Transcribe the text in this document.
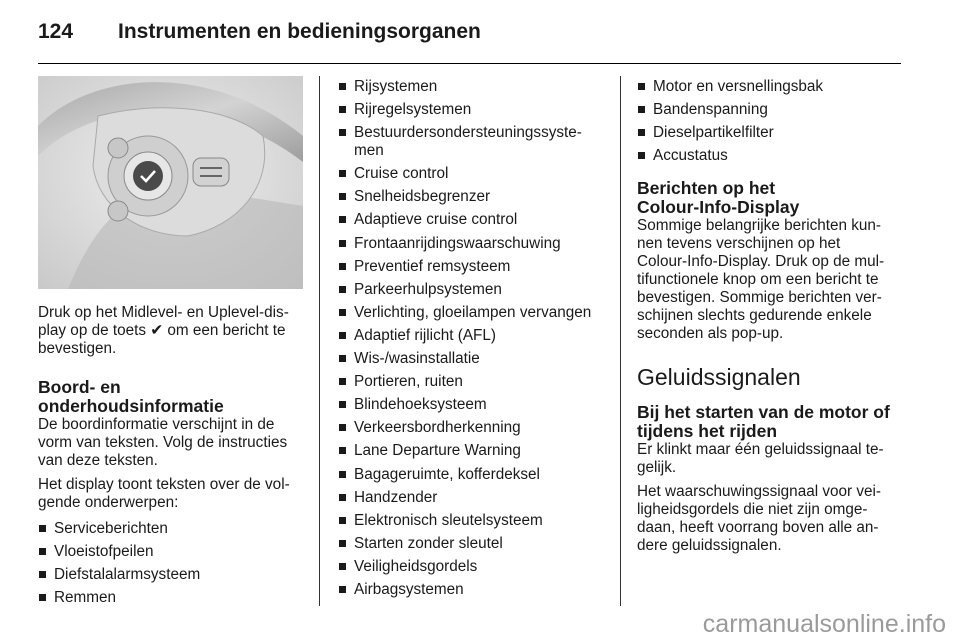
124 Instrumenten en bedieningsorganen

Druk op het Midlevel- en Uplevel-dis-
play op de toets ✔ om een bericht te
bevestigen.

Boord- en
onderhoudsinformatie

De boordinformatie verschijnt in de
vorm van teksten. Volg de instructies
van deze teksten.

Het display toont teksten over de vol-
gende onderwerpen:

Serviceberichten
Vloeistofpeilen
Diefstalalarmsysteem
Remmen
Rijsystemen
Rijregelsystemen
Bestuurdersondersteuningssyste-
men
Cruise control
Snelheidsbegrenzer
Adaptieve cruise control
Frontaanrijdingswaarschuwing
Preventief remsysteem
Parkeerhulpsystemen
Verlichting, gloeilampen vervangen
Adaptief rijlicht (AFL)
Wis-/wasinstallatie
Portieren, ruiten
Blindehoeksysteem
Verkeersbordherkenning
Lane Departure Warning
Bagageruimte, kofferdeksel
Handzender
Elektronisch sleutelsysteem
Starten zonder sleutel
Veiligheidsgordels
Airbagsystemen
Motor en versnellingsbak
Bandenspanning
Dieselpartikelfilter
Accustatus
Berichten op het
Colour-Info-Display

Sommige belangrijke berichten kun-
nen tevens verschijnen op het
Colour-Info-Display. Druk op de mul-
tifunctionele knop om een bericht te
bevestigen. Sommige berichten ver-
schijnen slechts gedurende enkele
seconden als pop-up.

Geluidssignalen
Bij het starten van de motor of
tijdens het rijden

Er klinkt maar één geluidssignaal te-
gelijk.

Het waarschuwingssignaal voor vei-
ligheidsgordels die niet zijn omge-
daan, heeft voorrang boven alle an-
dere geluidssignalen.

carmanualsonline.info
